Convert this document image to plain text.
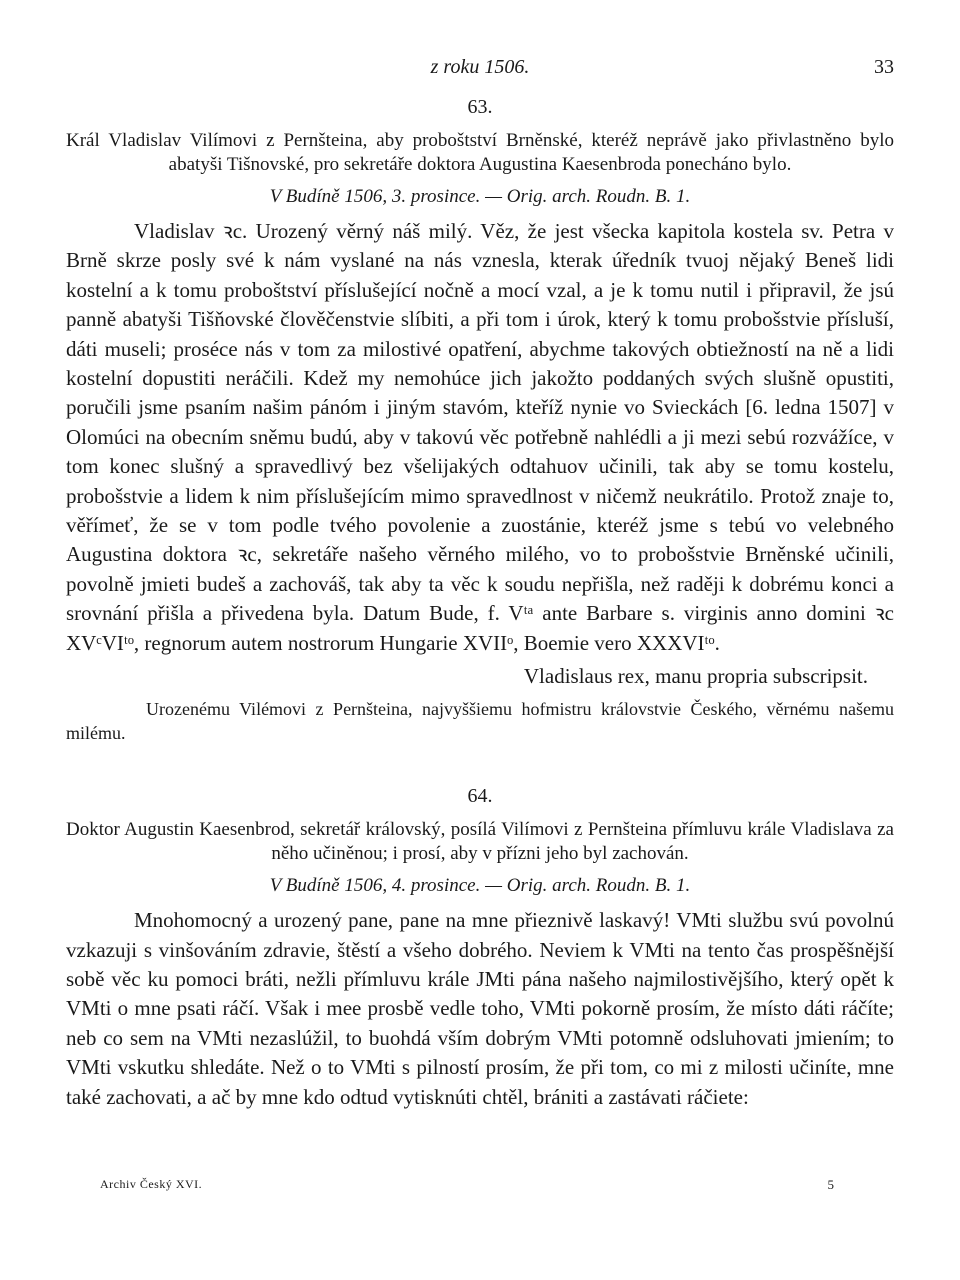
z roku 1506.	33
63.

Král Vladislav Vilímovi z Pernšteina, aby proboštství Brněnské, kteréž neprávě jako přivlastněno bylo abatyši Tišnovské, pro sekretáře doktora Augustina Kaesenbroda ponecháno bylo.

V Budíně 1506, 3. prosince. — Orig. arch. Roudn. B. 1.

Vladislav ꝛc. Urozený věrný náš milý. Věz, že jest všecka kapitola kostela sv. Petra v Brně skrze posly své k nám vyslané na nás vznesla, kterak úředník tvuoj nějaký Beneš lidi kostelní a k tomu proboštství příslušející nočně a mocí vzal, a je k tomu nutil i připravil, že jsú panně abatyši Tišňovské člověčenstvie slíbiti, a při tom i úrok, který k tomu probošstvie přísluší, dáti museli; proséce nás v tom za milostivé opatření, abychme takových obtiežností na ně a lidi kostelní dopustiti neráčili. Kdež my nemohúce jich jakožto poddaných svých slušně opustiti, poručili jsme psaním našim pánóm i jiným stavóm, kteříž nynie vo Svieckách [6. ledna 1507] v Olomúci na obecním sněmu budú, aby v takovú věc potřebně nahlédli a ji mezi sebú rozvážíce, v tom konec slušný a spravedlivý bez všelijakých odtahuov učinili, tak aby se tomu kostelu, probošstvie a lidem k nim příslušejícím mimo spravedlnost v ničemž neukrátilo. Protož znaje to, věřímeť, že se v tom podle tvého povolenie a zuostánie, kteréž jsme s tebú vo velebného Augustina doktora ꝛc, sekretáře našeho věrného milého, vo to probošstvie Brněnské učinili, povolně jmieti budeš a zachováš, tak aby ta věc k soudu nepřišla, než raději k dobrému konci a srovnání přišla a přivedena byla. Datum Bude, f. Vᵗᵃ ante Barbare s. virginis anno domini ꝛc XVᶜVIᵗᵒ, regnorum autem nostrorum Hungarie XVIIᵒ, Boemie vero XXXVIᵗᵒ.

Vladislaus rex, manu propria subscripsit.

Urozenému Vilémovi z Pernšteina, najvyššiemu hofmistru královstvie Českého, věrnému našemu milému.

64.

Doktor Augustin Kaesenbrod, sekretář královský, posílá Vilímovi z Pernšteina přímluvu krále Vladislava za něho učiněnou; i prosí, aby v přízni jeho byl zachován.

V Budíně 1506, 4. prosince. — Orig. arch. Roudn. B. 1.

Mnohomocný a urozený pane, pane na mne přieznivě laskavý! VMti službu svú povolnú vzkazuji s vinšováním zdravie, štěstí a všeho dobrého. Neviem k VMti na tento čas prospěšnější sobě věc ku pomoci bráti, nežli přímluvu krále JMti pána našeho najmilostivějšího, který opět k VMti o mne psati ráčí. Však i mee prosbě vedle toho, VMti pokorně prosím, že místo dáti ráčíte; neb co sem na VMti nezaslúžil, to buohdá vším dobrým VMti potomně odsluhovati jmiením; to VMti vskutku shledáte. Než o to VMti s pilností prosím, že při tom, co mi z milosti učiníte, mne také zachovati, a ač by mne kdo odtud vytisknúti chtěl, brániti a zastávati ráčiete:

Archiv Český XVI.	5
